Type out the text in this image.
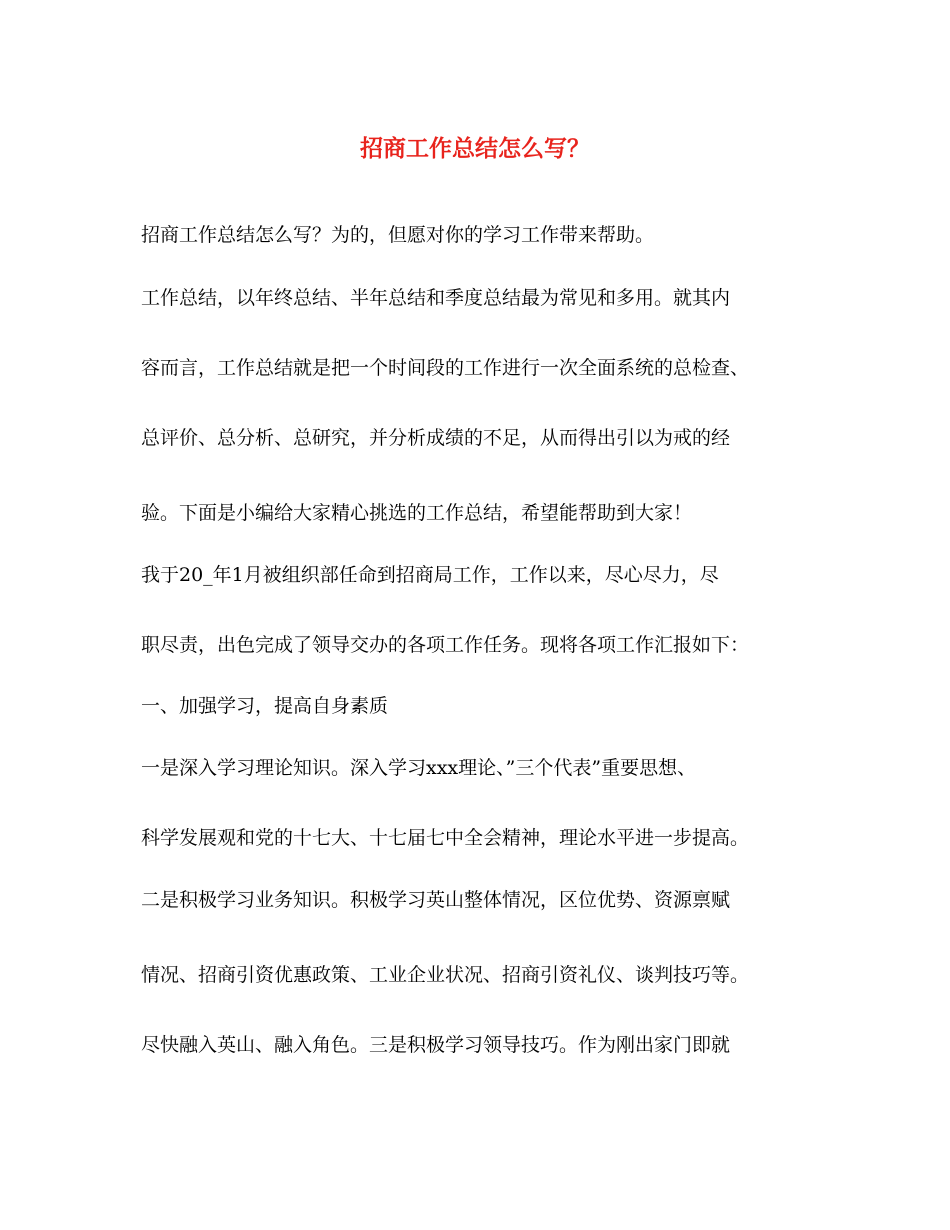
招商工作总结怎么写？
招商工作总结怎么写？为的，但愿对你的学习工作带来帮助。
工作总结，以年终总结、半年总结和季度总结最为常见和多用。就其内
容而言，工作总结就是把一个时间段的工作进行一次全面系统的总检查、
总评价、总分析、总研究，并分析成绩的不足，从而得出引以为戒的经
验。下面是小编给大家精心挑选的工作总结，希望能帮助到大家！
我于20_年1月被组织部任命到招商局工作，工作以来，尽心尽力，尽
职尽责，出色完成了领导交办的各项工作任务。现将各项工作汇报如下：
一、加强学习，提高自身素质
一是深入学习理论知识。深入学习xxx理论、”三个代表”重要思想、
科学发展观和党的十七大、十七届七中全会精神，理论水平进一步提高。
二是积极学习业务知识。积极学习英山整体情况，区位优势、资源禀赋
情况、招商引资优惠政策、工业企业状况、招商引资礼仪、谈判技巧等。
尽快融入英山、融入角色。三是积极学习领导技巧。作为刚出家门即就
